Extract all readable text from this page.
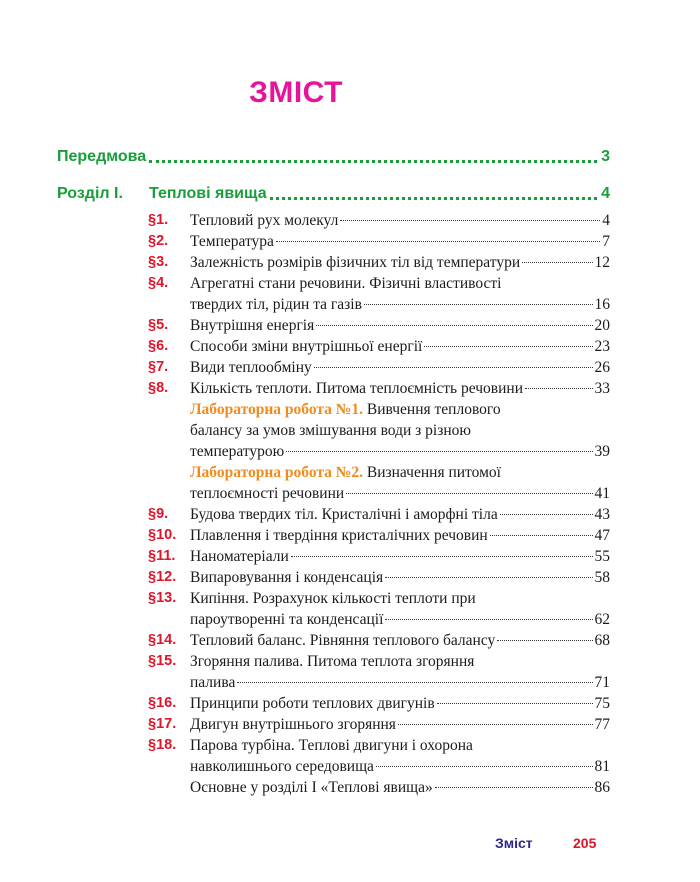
ЗМІСТ
Передмова	3
Розділ I.	Теплові явища	4
§1.	Тепловий рух молекул	4
§2.	Температура	7
§3.	Залежність розмірів фізичних тіл від температури	12
§4.	Агрегатні стани речовини. Фізичні властивості
твердих тіл, рідин та газів	16
§5.	Внутрішня енергія	20
§6.	Способи зміни внутрішньої енергії	23
§7.	Види теплообміну	26
§8.	Кількість теплоти. Питома теплоємність речовини	33
Лабораторна робота №1. Вивчення теплового
балансу за умов змішування води з різною
температурою	39
Лабораторна робота №2. Визначення питомої
теплоємності речовини	41
§9.	Будова твердих тіл. Кристалічні і аморфні тіла	43
§10. Плавлення і твердіння кристалічних речовин	47
§11. Наноматеріали	55
§12. Випаровування і конденсація	58
§13. Кипіння. Розрахунок кількості теплоти при
пароутворенні та конденсації	62
§14. Тепловий баланс. Рівняння теплового балансу	68
§15. Згоряння палива. Питома теплота згоряння
палива	71
§16. Принципи роботи теплових двигунів	75
§17. Двигун внутрішнього згоряння	77
§18. Парова турбіна. Теплові двигуни і охорона
навколишнього середовища	81
Основне у розділі I «Теплові явища»	86
Зміст	205
